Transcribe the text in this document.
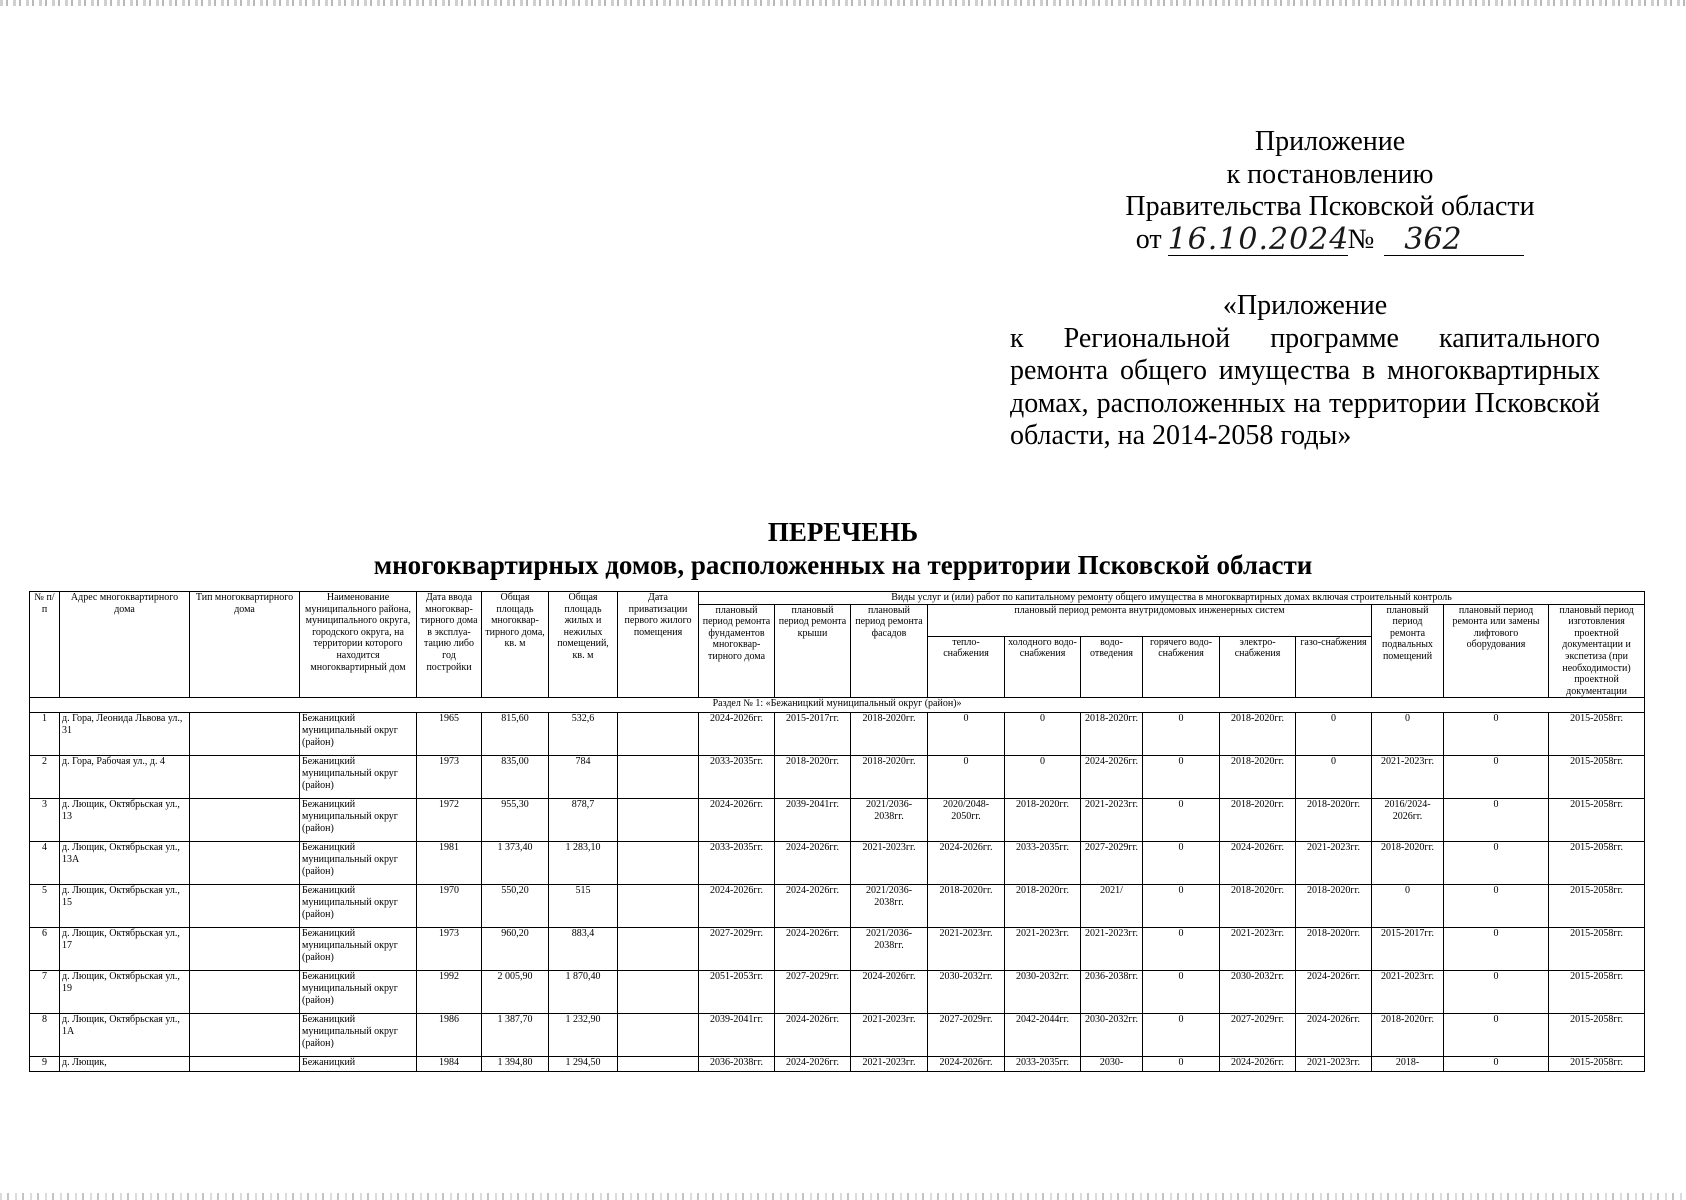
Приложение
к постановлению
Правительства Псковской области
от 16.10.2024
№	362
«Приложение
к Региональной программе капитального ремонта общего имущества в многоквартирных домах, расположенных на территории Псковской области, на 2014-2058 годы»
ПЕРЕЧЕНЬ
многоквартирных домов, расположенных на территории Псковской области
№ п/п	Адрес многоквартирного дома	Тип многоквартирного дома	Наименование муниципального района, муниципального округа, городского округа, на территории которого находится многоквартирный дом	Дата ввода многоквар-тирного дома в эксплуа-тацию либо год постройки	Общая площадь многоквар-тирного дома, кв. м	Общая площадь жилых и нежилых помещений, кв. м	Дата приватизации первого жилого помещения	Виды услуг и (или) работ по капитальному ремонту общего имущества в многоквартирных домах включая строительный контроль											
								плановый период ремонта фундаментов многоквар-тирного дома	плановый период ремонта крыши	плановый период ремонта фасадов	плановый период ремонта внутридомовых инженерных систем						плановый период ремонта подвальных помещений	плановый период ремонта или замены лифтового оборудования	плановый период изготовления проектной документации и экспетиза (при необходимости) проектной документации
											тепло-снабжения	холодного водо-снабжения	водо-отведения	горячего водо-снабжения	электро-снабжения	газо-снабжения			
Раздел № 1: «Бежаницкий муниципальный округ (район)»																			
1	д. Гора, Леонида Львова ул., 31		Бежаницкий муниципальный округ (район)	1965	815,60	532,6		2024-2026гг.	2015-2017гг.	2018-2020гг.	0	0	2018-2020гг.	0	2018-2020гг.	0	0	0	2015-2058гг.
2	д. Гора, Рабочая ул., д. 4		Бежаницкий муниципальный округ (район)	1973	835,00	784		2033-2035гг.	2018-2020гг.	2018-2020гг.	0	0	2024-2026гг.	0	2018-2020гг.	0	2021-2023гг.	0	2015-2058гг.
3	д. Лющик, Октябрьская ул., 13		Бежаницкий муниципальный округ (район)	1972	955,30	878,7		2024-2026гг.	2039-2041гг.	2021/2036-2038гг.	2020/2048-2050гг.	2018-2020гг.	2021-2023гг.	0	2018-2020гг.	2018-2020гг.	2016/2024-2026гг.	0	2015-2058гг.
4	д. Лющик, Октябрьская ул., 13А		Бежаницкий муниципальный округ (район)	1981	1 373,40	1 283,10		2033-2035гг.	2024-2026гг.	2021-2023гг.	2024-2026гг.	2033-2035гг.	2027-2029гг.	0	2024-2026гг.	2021-2023гг.	2018-2020гг.	0	2015-2058гг.
5	д. Лющик, Октябрьская ул., 15		Бежаницкий муниципальный округ (район)	1970	550,20	515		2024-2026гг.	2024-2026гг.	2021/2036-2038гг.	2018-2020гг.	2018-2020гг.	2021/	0	2018-2020гг.	2018-2020гг.	0	0	2015-2058гг.
6	д. Лющик, Октябрьская ул., 17		Бежаницкий муниципальный округ (район)	1973	960,20	883,4		2027-2029гг.	2024-2026гг.	2021/2036-2038гг.	2021-2023гг.	2021-2023гг.	2021-2023гг.	0	2021-2023гг.	2018-2020гг.	2015-2017гг.	0	2015-2058гг.
7	д. Лющик, Октябрьская ул., 19		Бежаницкий муниципальный округ (район)	1992	2 005,90	1 870,40		2051-2053гг.	2027-2029гг.	2024-2026гг.	2030-2032гг.	2030-2032гг.	2036-2038гг.	0	2030-2032гг.	2024-2026гг.	2021-2023гг.	0	2015-2058гг.
8	д. Лющик, Октябрьская ул., 1А		Бежаницкий муниципальный округ (район)	1986	1 387,70	1 232,90		2039-2041гг.	2024-2026гг.	2021-2023гг.	2027-2029гг.	2042-2044гг.	2030-2032гг.	0	2027-2029гг.	2024-2026гг.	2018-2020гг.	0	2015-2058гг.
9	д. Лющик,		Бежаницкий	1984	1 394,80	1 294,50		2036-2038гг.	2024-2026гг.	2021-2023гг.	2024-2026гг.	2033-2035гг.	2030-	0	2024-2026гг.	2021-2023гг.	2018-	0	2015-2058гг.
